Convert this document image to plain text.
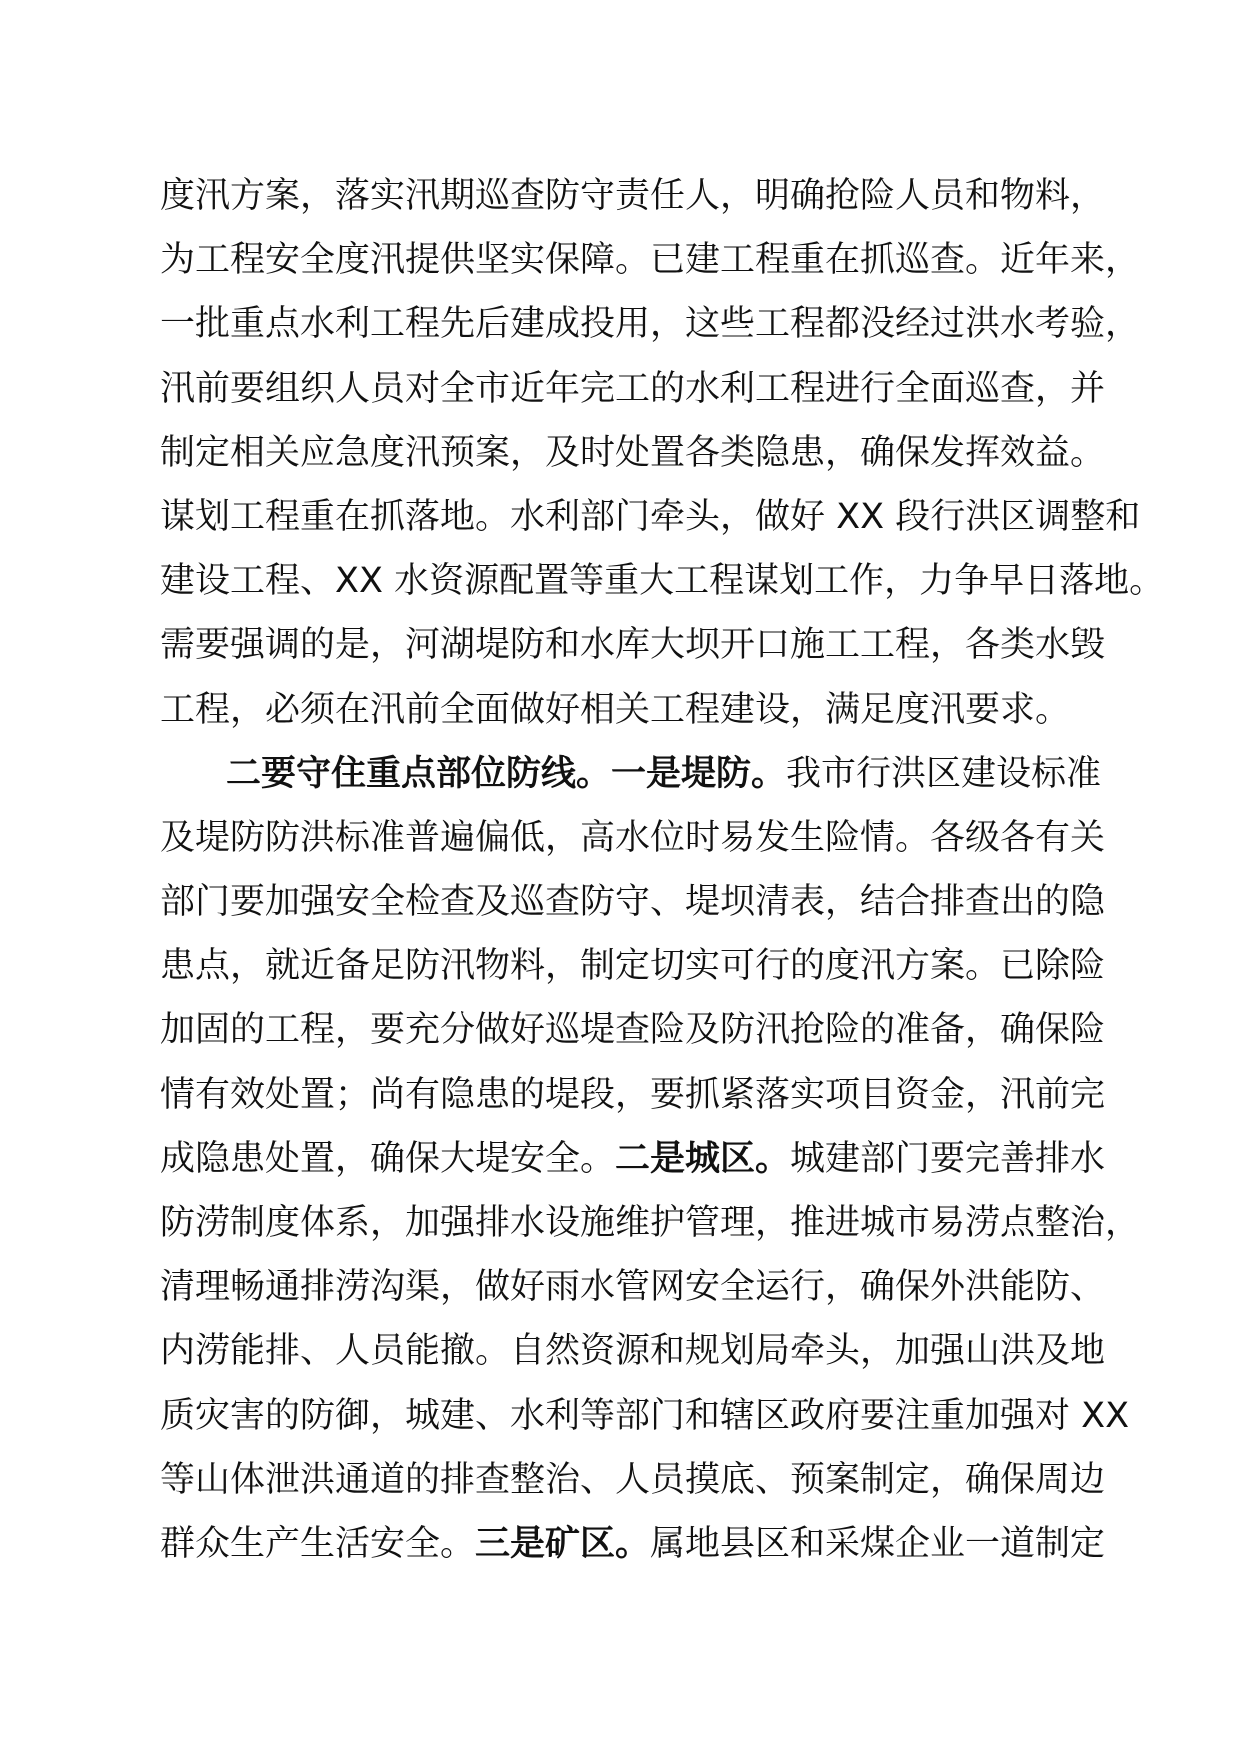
度汛方案，落实汛期巡查防守责任人，明确抢险人员和物料，
为工程安全度汛提供坚实保障。已建工程重在抓巡查。近年来，
一批重点水利工程先后建成投用，这些工程都没经过洪水考验，
汛前要组织人员对全市近年完工的水利工程进行全面巡查，并
制定相关应急度汛预案，及时处置各类隐患，确保发挥效益。
谋划工程重在抓落地。水利部门牵头，做好 XX 段行洪区调整和
建设工程、XX 水资源配置等重大工程谋划工作，力争早日落地。
需要强调的是，河湖堤防和水库大坝开口施工工程，各类水毁
工程，必须在汛前全面做好相关工程建设，满足度汛要求。
二要守住重点部位防线。一是堤防。我市行洪区建设标准
及堤防防洪标准普遍偏低，高水位时易发生险情。各级各有关
部门要加强安全检查及巡查防守、堤坝清表，结合排查出的隐
患点，就近备足防汛物料，制定切实可行的度汛方案。已除险
加固的工程，要充分做好巡堤查险及防汛抢险的准备，确保险
情有效处置；尚有隐患的堤段，要抓紧落实项目资金，汛前完
成隐患处置，确保大堤安全。二是城区。城建部门要完善排水
防涝制度体系，加强排水设施维护管理，推进城市易涝点整治，
清理畅通排涝沟渠，做好雨水管网安全运行，确保外洪能防、
内涝能排、人员能撤。自然资源和规划局牵头，加强山洪及地
质灾害的防御，城建、水利等部门和辖区政府要注重加强对 XX
等山体泄洪通道的排查整治、人员摸底、预案制定，确保周边
群众生产生活安全。三是矿区。属地县区和采煤企业一道制定
